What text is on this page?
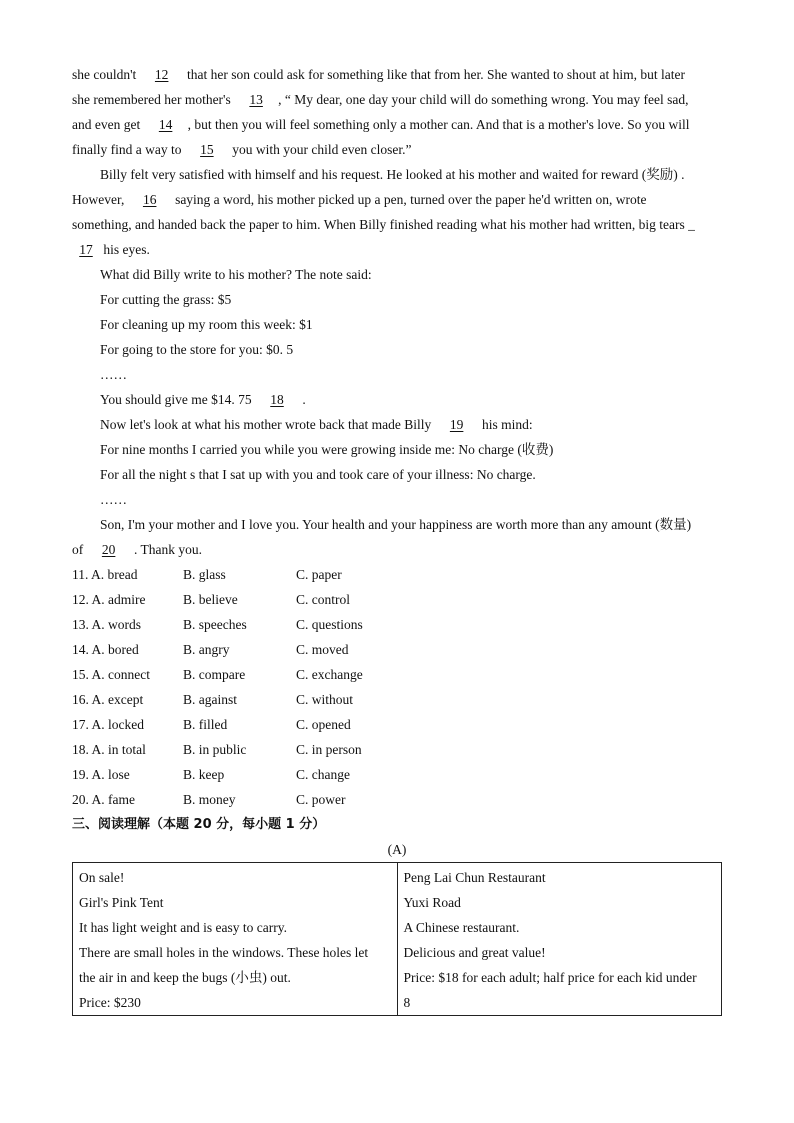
she couldn't 12 that her son could ask for something like that from her. She wanted to shout at him, but later
she remembered her mother's 13 , “ My dear, one day your child will do something wrong. You may feel sad,
and even get 14 , but then you will feel something only a mother can. And that is a mother's love. So you will
finally find a way to 15 you with your child even closer.”
Billy felt very satisfied with himself and his request. He looked at his mother and waited for reward (奖励) .
However, 16 saying a word, his mother picked up a pen, turned over the paper he'd written on, wrote
something, and handed back the paper to him. When Billy finished reading what his mother had written, big tears _
17 his eyes.
What did Billy write to his mother? The note said:
For cutting the grass: $5
For cleaning up my room this week: $1
For going to the store for you: $0. 5
……
You should give me $14. 75 18 .
Now let's look at what his mother wrote back that made Billy 19 his mind:
For nine months I carried you while you were growing inside me: No charge (收费)
For all the night s that I sat up with you and took care of your illness: No charge.
……
Son, I'm your mother and I love you. Your health and your happiness are worth more than any amount (数量)
of 20 . Thank you.
11. A. bread	B. glass	C. paper
12. A. admire	B. believe	C. control
13. A. words	B. speeches	C. questions
14. A. bored	B. angry	C. moved
15. A. connect B. compare	C. exchange
16. A. except	B. against	C. without
17. A. locked	B. filled	C. opened
18. A. in total	B. in public	C. in person
19. A. lose	B. keep	C. change
20. A. fame	B. money	C. power
三、阅读理解（本题 20 分，每小题 1 分）
(A)
On sale!
Girl's Pink Tent
It has light weight and is easy to carry.
There are small holes in the windows. These holes let
the air in and keep the bugs (小虫) out.
Price: $230

Peng Lai Chun Restaurant
Yuxi Road
A Chinese restaurant.
Delicious and great value!
Price: $18 for each adult; half price for each kid under
8
